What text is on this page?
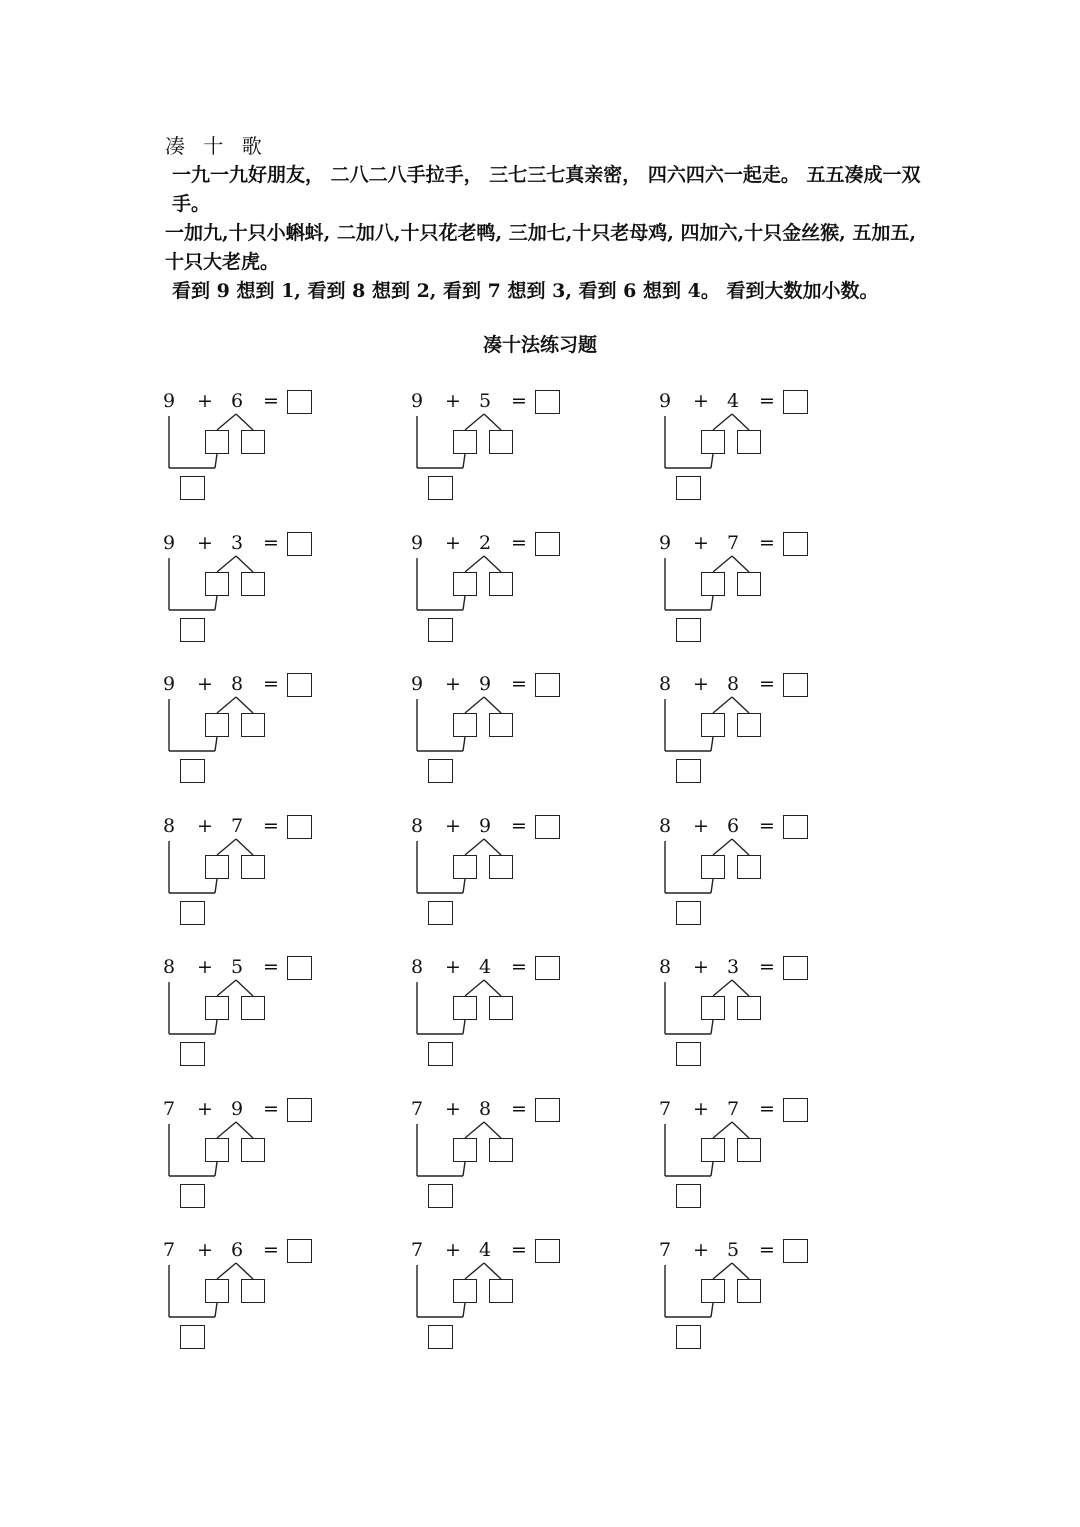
凑 十 歌
一九一九好朋友， 二八二八手拉手， 三七三七真亲密， 四六四六一起走。 五五凑成一双手。
一加九,十只小蝌蚪, 二加八,十只花老鸭, 三加七,十只老母鸡, 四加六,十只金丝猴, 五加五,十只大老虎。
看到 9 想到 1, 看到 8 想到 2, 看到 7 想到 3, 看到 6 想到 4。 看到大数加小数。
凑十法练习题
9 + 6 =	9 + 5 =	9 + 4 =
9 + 3 =	9 + 2 =	9 + 7 =
9 + 8 =	9 + 9 =	8 + 8 =
8 + 7 =	8 + 9 =	8 + 6 =
8 + 5 =	8 + 4 =	8 + 3 =
7 + 9 =	7 + 8 =	7 + 7 =
7 + 6 =	7 + 4 =	7 + 5 =
